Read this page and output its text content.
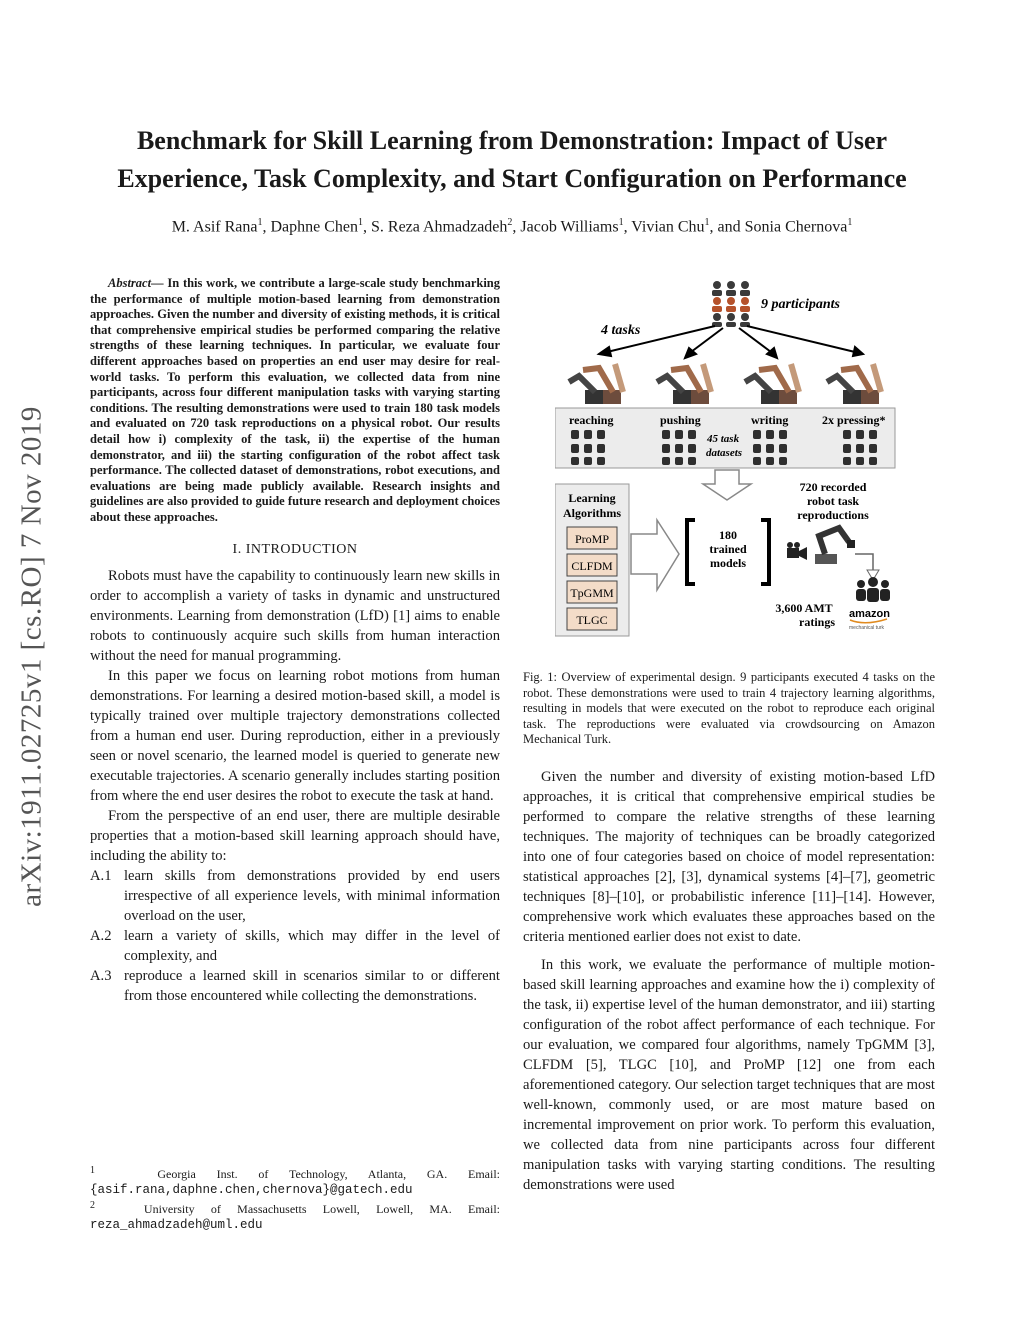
Benchmark for Skill Learning from Demonstration: Impact of User
Experience, Task Complexity, and Start Configuration on Performance
M. Asif Rana$^1$, Daphne Chen$^1$, S. Reza Ahmadzadeh$^2$, Jacob Williams$^1$, Vivian Chu$^1$, and Sonia Chernova$^1$
arXiv:1911.02725v1 [cs.RO] 7 Nov 2019

Abstract— In this work, we contribute a large-scale study benchmarking the performance of multiple motion-based learning from demonstration approaches. Given the number and diversity of existing methods, it is critical that comprehensive empirical studies be performed comparing the relative strengths of these learning techniques. In particular, we evaluate four different approaches based on properties an end user may desire for real-world tasks. To perform this evaluation, we collected data from nine participants, across four different manipulation tasks with varying starting conditions. The resulting demonstrations were used to train 180 task models and evaluated on 720 task reproductions on a physical robot. Our results detail how i) complexity of the task, ii) the expertise of the human demonstrator, and iii) the starting configuration of the robot affect task performance. The collected dataset of demonstrations, robot executions, and evaluations are being made publicly available. Research insights and guidelines are also provided to guide future research and deployment choices about these approaches.

I. INTRODUCTION

Robots must have the capability to continuously learn new skills in order to accomplish a variety of tasks in dynamic and unstructured environments. Learning from demonstration (LfD) [1] aims to enable robots to continuously acquire such skills from human interaction without the need for manual programming.

In this paper we focus on learning robot motions from human demonstrations. For learning a desired motion-based skill, a model is typically trained over multiple trajectory demonstrations collected from a human end user. During reproduction, either in a previously seen or novel scenario, the learned model is queried to generate new executable trajectories. A scenario generally includes starting position from where the end user desires the robot to execute the task at hand.

From the perspective of an end user, there are multiple desirable properties that a motion-based skill learning approach should have, including the ability to:

A.1 learn skills from demonstrations provided by end users irrespective of all experience levels, with minimal information overload on the user,
A.2 learn a variety of skills, which may differ in the level of complexity, and
A.3 reproduce a learned skill in scenarios similar to or different from those encountered while collecting the demonstrations.
$^1$	Georgia Inst. of Technology, Atlanta, GA. Email: {asif.rana,daphne.chen,chernova}@gatech.edu
$^2$	University of Massachusetts Lowell, Lowell, MA. Email: reza_ahmadzadeh@uml.edu
9 participants
4 tasks
reaching	pushing	writing	2x pressing*
45 task
datasets
Learning
Algorithms
ProMP
CLFDM
TpGMM
TLGC
180
trained
models
720 recorded
robot task
reproductions
3,600 AMT
ratings
amazon
mechanical turk
Fig. 1: Overview of experimental design. 9 participants executed 4 tasks on the robot. These demonstrations were used to train 4 trajectory learning algorithms, resulting in models that were executed on the robot to reproduce each original task. The reproductions were evaluated via crowdsourcing on Amazon Mechanical Turk.

Given the number and diversity of existing motion-based LfD approaches, it is critical that comprehensive empirical studies be performed to compare the relative strengths of these learning techniques. The majority of techniques can be broadly categorized into one of four categories based on choice of model representation: statistical approaches [2], [3], dynamical systems [4]–[7], geometric techniques [8]–[10], or probabilistic inference [11]–[14]. However, comprehensive work which evaluates these approaches based on the criteria mentioned earlier does not exist to date.

In this work, we evaluate the performance of multiple motion-based skill learning approaches and examine how the i) complexity of the task, ii) expertise level of the human demonstrator, and iii) starting configuration of the robot affect performance of each technique. For our evaluation, we compared four algorithms, namely TpGMM [3], CLFDM [5], TLGC [10], and ProMP [12] one from each aforementioned category. Our selection target techniques that are most well-known, commonly used, or are most mature based on incremental improvement on prior work. To perform this evaluation, we collected data from nine participants across four different manipulation tasks with varying starting conditions. The resulting demonstrations were used
